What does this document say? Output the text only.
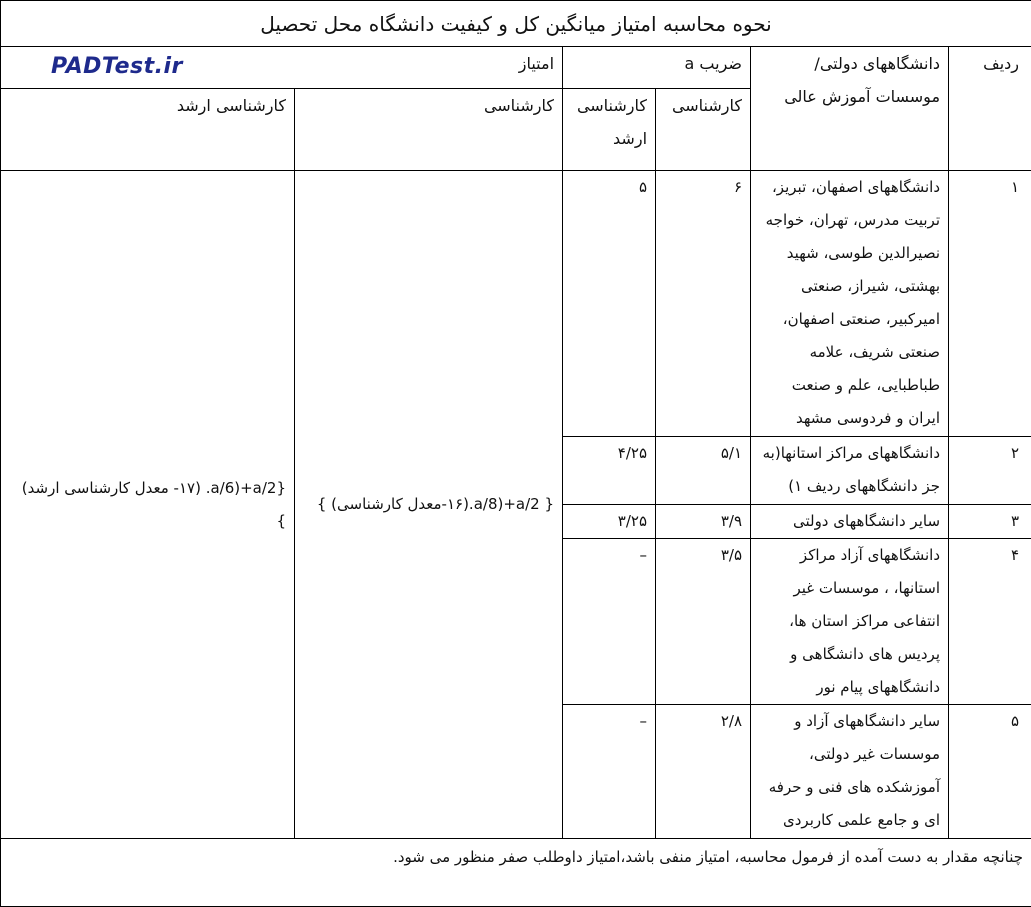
نحوه محاسبه امتیاز میانگین کل و کیفیت دانشگاه محل تحصیل					
ردیف	دانشگاههای دولتی/موسسات آموزش عالی	ضریب a		PADTest.ir امتیاز	
		کارشناسی	کارشناسی ارشد	کارشناسی	کارشناسی ارشد
۱	دانشگاههای اصفهان، تبریز، تربیت مدرس، تهران، خواجه نصیرالدین طوسی، شهید بهشتی، شیراز، صنعتی امیرکبیر، صنعتی اصفهان، صنعتی شریف، علامه طباطبایی، علم و صنعت ایران و فردوسی مشهد	۶	۵	{ a/8)+a/2.(۱۶-معدل کارشناسی) }	{a/6)+a/2. (۱۷- معدل کارشناسی ارشد) }
۲	دانشگاههای مراکز استانها(به جز دانشگاههای ردیف ۱)	۵/۱	۴/۲۵		
۳	سایر دانشگاههای دولتی	۳/۹	۳/۲۵		
۴	دانشگاههای آزاد مراکز استانها، ، موسسات غیر انتفاعی مراکز استان ها، پردیس های دانشگاهی و دانشگاههای پیام نور	۳/۵	–		
۵	سایر دانشگاههای آزاد و موسسات غیر دولتی، آموزشکده های فنی و حرفه ای و جامع علمی کاربردی	۲/۸	–		
چنانچه مقدار به دست آمده از فرمول محاسبه، امتیاز منفی باشد،امتیاز داوطلب صفر منظور می شود.					
